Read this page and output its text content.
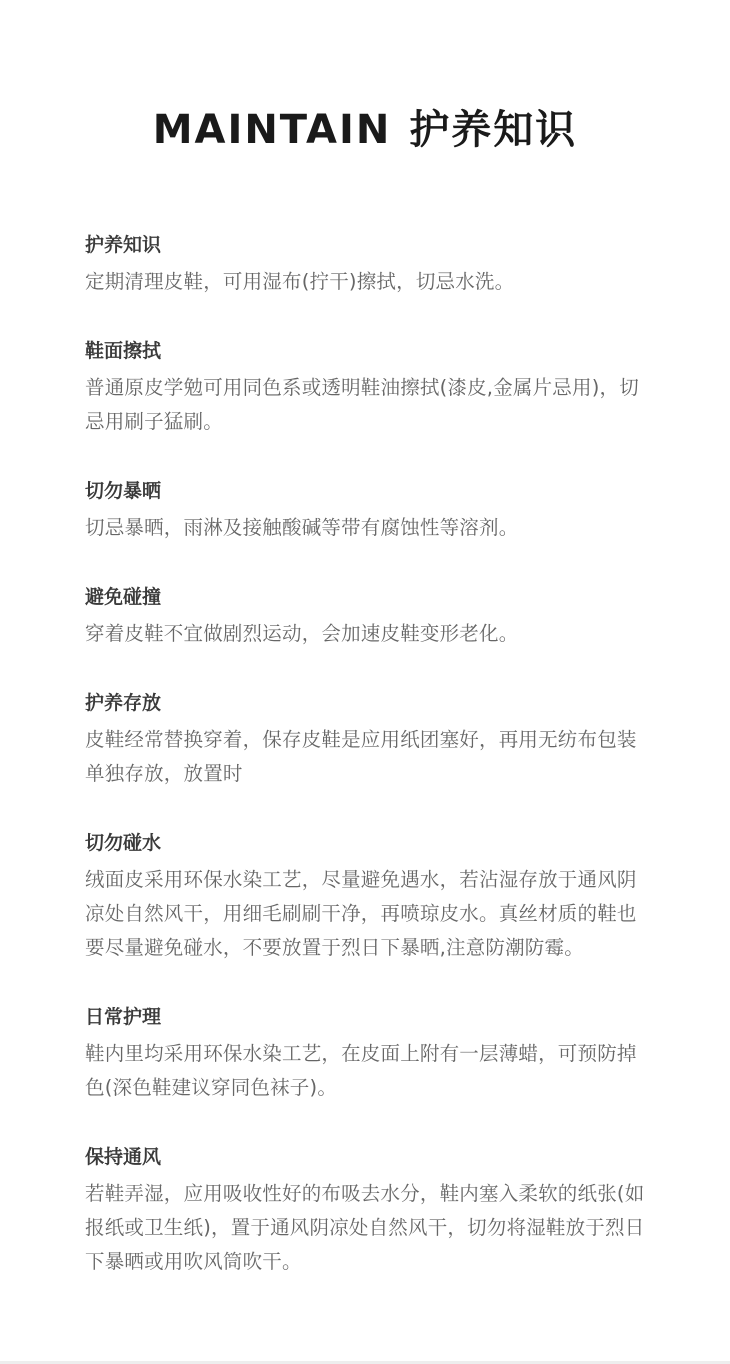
MAINTAIN 护养知识
护养知识
定期清理皮鞋，可用湿布(拧干)擦拭，切忌水洗。
鞋面擦拭
普通原皮学勉可用同色系或透明鞋油擦拭(漆皮,金属片忌用)，切忌用刷子猛刷。
切勿暴晒
切忌暴晒，雨淋及接触酸碱等带有腐蚀性等溶剂。
避免碰撞
穿着皮鞋不宜做剧烈运动，会加速皮鞋变形老化。
护养存放
皮鞋经常替换穿着，保存皮鞋是应用纸团塞好，再用无纺布包装单独存放，放置时
切勿碰水
绒面皮采用环保水染工艺，尽量避免遇水，若沾湿存放于通风阴凉处自然风干，用细毛刷刷干净，再喷琼皮水。真丝材质的鞋也要尽量避免碰水，不要放置于烈日下暴晒,注意防潮防霉。
日常护理
鞋内里均采用环保水染工艺，在皮面上附有一层薄蜡，可预防掉色(深色鞋建议穿同色袜子)。
保持通风
若鞋弄湿，应用吸收性好的布吸去水分，鞋内塞入柔软的纸张(如报纸或卫生纸)，置于通风阴凉处自然风干，切勿将湿鞋放于烈日下暴晒或用吹风筒吹干。
